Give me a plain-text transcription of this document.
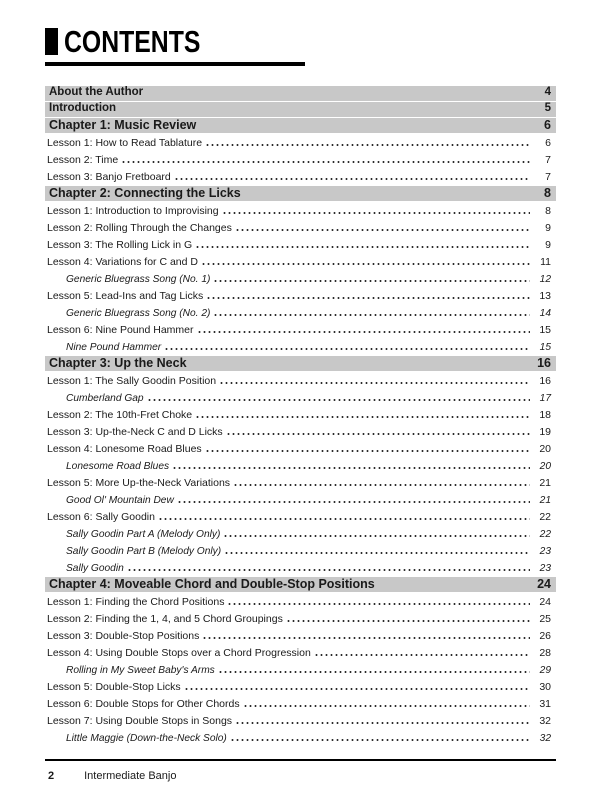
CONTENTS
About the Author	4
Introduction	5
Chapter 1: Music Review	6
Lesson 1: How to Read Tablature	6
Lesson 2: Time	7
Lesson 3: Banjo Fretboard	7
Chapter 2: Connecting the Licks	8
Lesson 1: Introduction to Improvising	8
Lesson 2: Rolling Through the Changes	9
Lesson 3: The Rolling Lick in G	9
Lesson 4: Variations for C and D	11
Generic Bluegrass Song (No. 1)	12
Lesson 5: Lead-Ins and Tag Licks	13
Generic Bluegrass Song (No. 2)	14
Lesson 6: Nine Pound Hammer	15
Nine Pound Hammer	15
Chapter 3: Up the Neck	16
Lesson 1: The Sally Goodin Position	16
Cumberland Gap	17
Lesson 2: The 10th-Fret Choke	18
Lesson 3: Up-the-Neck C and D Licks	19
Lesson 4: Lonesome Road Blues	20
Lonesome Road Blues	20
Lesson 5: More Up-the-Neck Variations	21
Good Ol' Mountain Dew	21
Lesson 6: Sally Goodin	22
Sally Goodin Part A (Melody Only)	22
Sally Goodin Part B (Melody Only)	23
Sally Goodin	23
Chapter 4: Moveable Chord and Double-Stop Positions	24
Lesson 1: Finding the Chord Positions	24
Lesson 2: Finding the 1, 4, and 5 Chord Groupings	25
Lesson 3: Double-Stop Positions	26
Lesson 4: Using Double Stops over a Chord Progression	28
Rolling in My Sweet Baby's Arms	29
Lesson 5: Double-Stop Licks	30
Lesson 6: Double Stops for Other Chords	31
Lesson 7: Using Double Stops in Songs	32
Little Maggie (Down-the-Neck Solo)	32
2	Intermediate Banjo
